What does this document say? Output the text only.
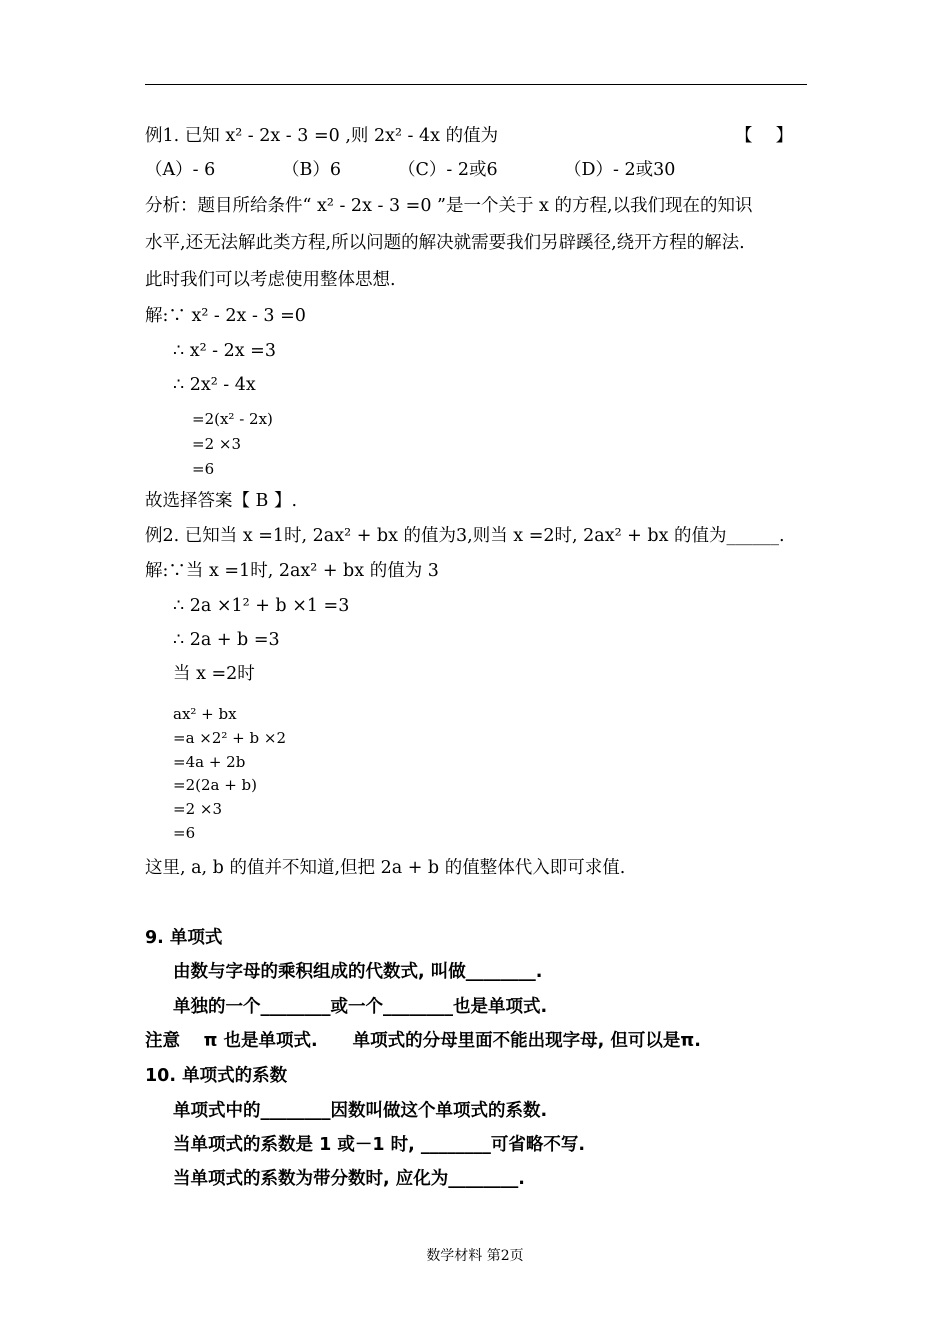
例1. 已知 x² - 2x - 3 =0 ,则 2x² - 4x 的值为	【　 】
（A）- 6	（B）6	（C）- 2或6	（D）- 2或30
分析：题目所给条件“ x² - 2x - 3 =0 ”是一个关于 x 的方程,以我们现在的知识
水平,还无法解此类方程,所以问题的解决就需要我们另辟蹊径,绕开方程的解法.
此时我们可以考虑使用整体思想.
解:∵ x² - 2x - 3 =0
∴ x² - 2x =3
∴ 2x² - 4x
=2(x² - 2x)
=2 ×3
=6
故选择答案【 B 】.
例2. 已知当 x =1时, 2ax² + bx 的值为3,则当 x =2时, 2ax² + bx 的值为______.
解:∵当 x =1时, 2ax² + bx 的值为 3
∴ 2a ×1² + b ×1 =3
∴ 2a + b =3
当 x =2时
ax² + bx
=a ×2² + b ×2
=4a + 2b
=2(2a + b)
=2 ×3
=6
这里, a, b 的值并不知道,但把 2a + b 的值整体代入即可求值.
9. 单项式
由数与字母的乘积组成的代数式, 叫做________.
单独的一个________或一个________也是单项式.
注意　 π 也是单项式.　　单项式的分母里面不能出现字母, 但可以是π.
10. 单项式的系数
单项式中的________因数叫做这个单项式的系数.
当单项式的系数是 1 或－1 时, ________可省略不写.
当单项式的系数为带分数时, 应化为________.
数学材料 第2页
